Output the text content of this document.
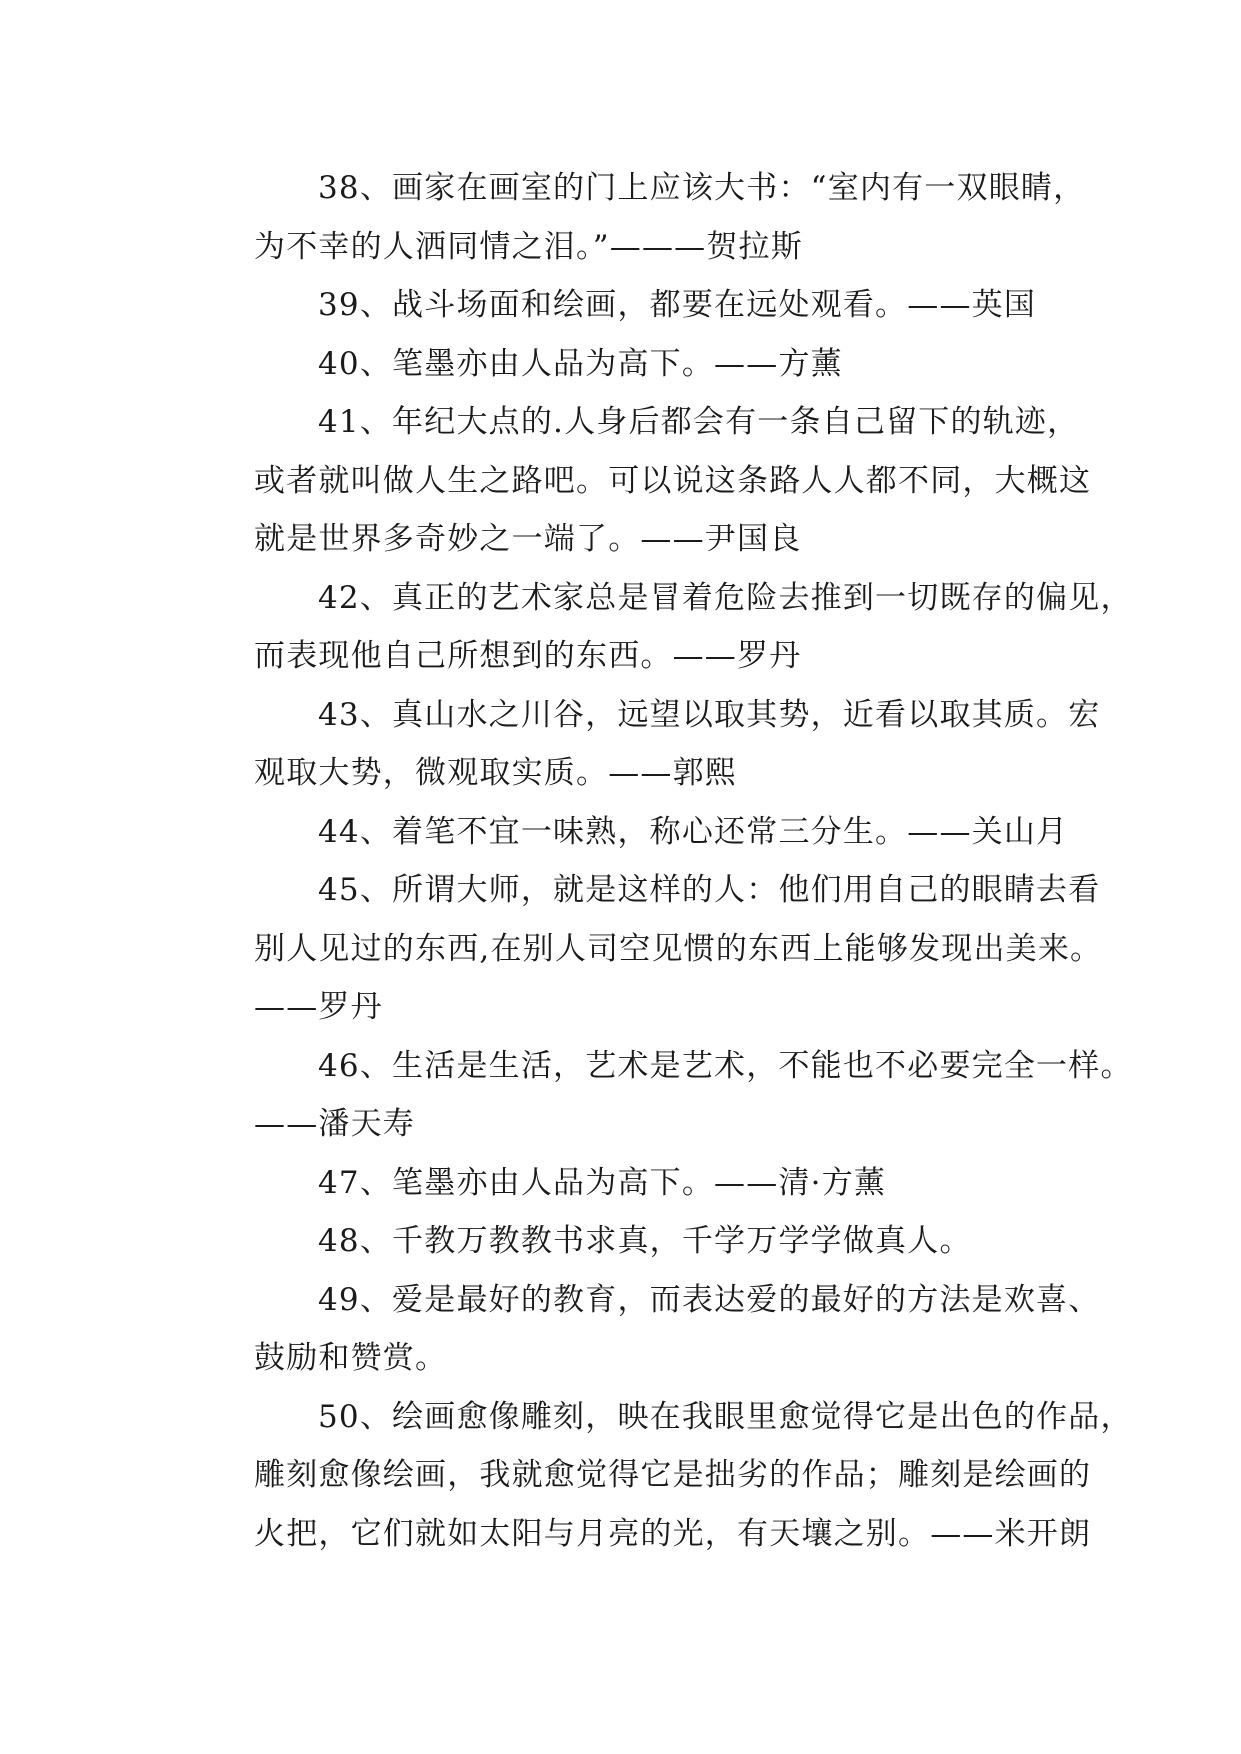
38、画家在画室的门上应该大书：“室内有一双眼睛，
为不幸的人洒同情之泪。”———贺拉斯
39、战斗场面和绘画，都要在远处观看。——英国
40、笔墨亦由人品为高下。——方薰
41、年纪大点的.人身后都会有一条自己留下的轨迹，
或者就叫做人生之路吧。可以说这条路人人都不同，大概这
就是世界多奇妙之一端了。——尹国良
42、真正的艺术家总是冒着危险去推到一切既存的偏见，
而表现他自己所想到的东西。——罗丹
43、真山水之川谷，远望以取其势，近看以取其质。宏
观取大势，微观取实质。——郭熙
44、着笔不宜一味熟，称心还常三分生。——关山月
45、所谓大师，就是这样的人：他们用自己的眼睛去看
别人见过的东西,在别人司空见惯的东西上能够发现出美来。
——罗丹
46、生活是生活，艺术是艺术，不能也不必要完全一样。
——潘天寿
47、笔墨亦由人品为高下。——清·方薰
48、千教万教教书求真，千学万学学做真人。
49、爱是最好的教育，而表达爱的最好的方法是欢喜、
鼓励和赞赏。
50、绘画愈像雕刻，映在我眼里愈觉得它是出色的作品，
雕刻愈像绘画，我就愈觉得它是拙劣的作品；雕刻是绘画的
火把，它们就如太阳与月亮的光，有天壤之别。——米开朗
